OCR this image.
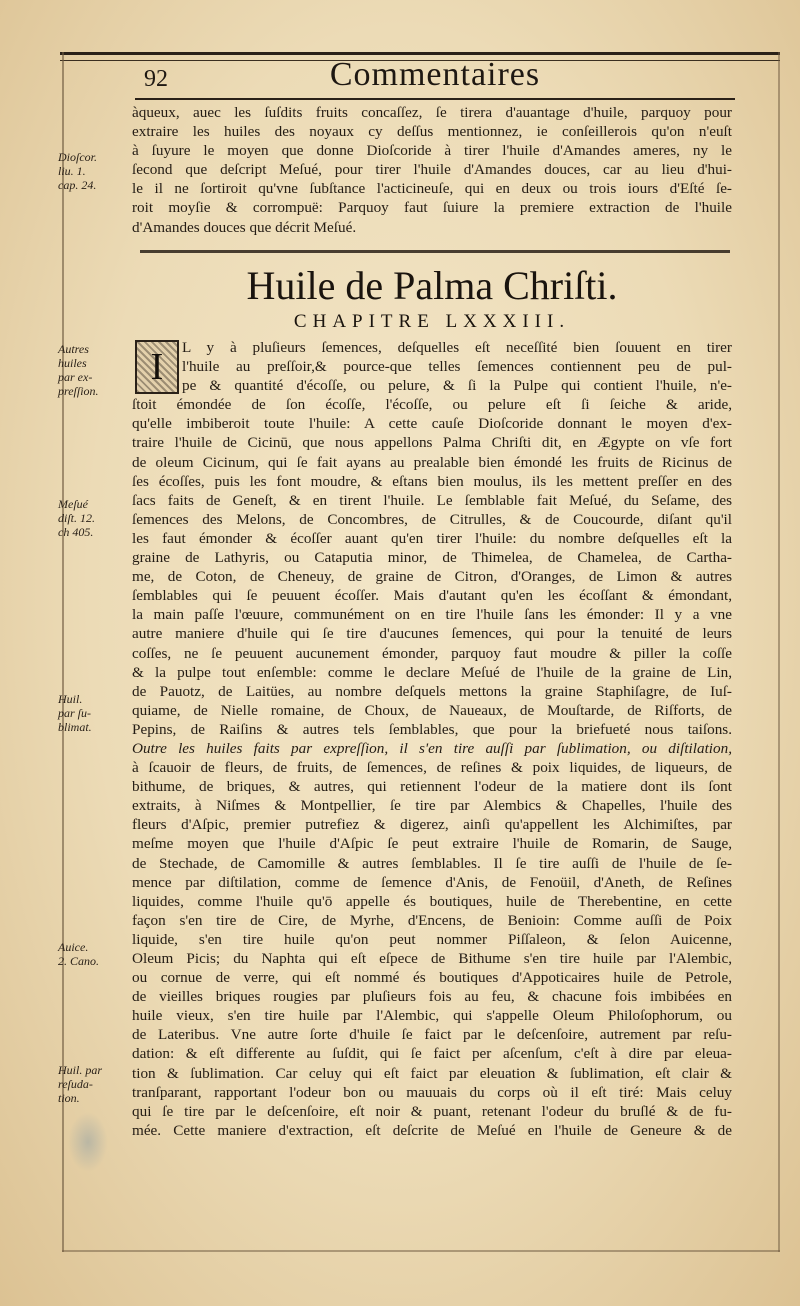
Commentaires
92
àqueux, auec les ſuſdits fruits concaſſez, ſe tirera d'auantage d'huile, parquoy pour
extraire les huiles des noyaux cy deſſus mentionnez, ie conſeillerois qu'on n'euſt
à ſuyure le moyen que donne Dioſcoride à tirer l'huile d'Amandes ameres, ny le
ſecond que deſcript Meſué, pour tirer l'huile d'Amandes douces, car au lieu d'hui-
le il ne ſortiroit qu'vne ſubſtance l'acticineuſe, qui en deux ou trois iours d'Eſté ſe-
roit moyſie & corrompuë: Parquoy faut ſuiure la premiere extraction de l'huile
d'Amandes douces que décrit Meſué.
Huile de Palma Chriſti.
CHAPITRE LXXXIII.
I	L y à pluſieurs ſemences, deſquelles eſt neceſſité bien ſouuent en tirer
l'huile au preſſoir,& pource-que telles ſemences contiennent peu de pul-
pe & quantité d'écoſſe, ou pelure, & ſi la Pulpe qui contient l'huile, n'e-
ſtoit émondée de ſon écoſſe, l'écoſſe, ou pelure eſt ſi ſeiche & aride,
qu'elle imbiberoit toute l'huile: A cette cauſe Dioſcoride donnant le moyen d'ex-
traire l'huile de Cicinū, que nous appellons Palma Chriſti dit, en Ægypte on vſe fort
de oleum Cicinum, qui ſe fait ayans au prealable bien émondé les fruits de Ricinus de
ſes écoſſes, puis les font moudre, & eſtans bien moulus, ils les mettent preſſer en des
ſacs faits de Geneſt, & en tirent l'huile. Le ſemblable fait Meſué, du Seſame, des
ſemences des Melons, de Concombres, de Citrulles, & de Coucourde, diſant qu'il
les faut émonder & écoſſer auant qu'en tirer l'huile: du nombre deſquelles eſt la
graine de Lathyris, ou Cataputia minor, de Thimelea, de Chamelea, de Cartha-
me, de Coton, de Cheneuy, de graine de Citron, d'Oranges, de Limon & autres
ſemblables qui ſe peuuent écoſſer. Mais d'autant qu'en les écoſſant & émondant,
la main paſſe l'œuure, communément on en tire l'huile ſans les émonder: Il y a vne
autre maniere d'huile qui ſe tire d'aucunes ſemences, qui pour la tenuité de leurs
coſſes, ne ſe peuuent aucunement émonder, parquoy faut moudre & piller la coſſe
& la pulpe tout enſemble: comme le declare Meſué de l'huile de la graine de Lin,
de Pauotz, de Laitües, au nombre deſquels mettons la graine Staphiſagre, de Iuſ-
quiame, de Nielle romaine, de Choux, de Naueaux, de Mouſtarde, de Riſforts, de
Pepins, de Raiſins & autres tels ſemblables, que pour la briefueté nous taiſons.
Outre les huiles faits par expreſſion, il s'en tire auſſi par ſublimation, ou diſtilation,
à ſcauoir de fleurs, de fruits, de ſemences, de reſines & poix liquides, de liqueurs, de
bithume, de briques, & autres, qui retiennent l'odeur de la matiere dont ils ſont
extraits, à Niſmes & Montpellier, ſe tire par Alembics & Chapelles, l'huile des
fleurs d'Aſpic, premier putrefiez & digerez, ainſi qu'appellent les Alchimiſtes, par
meſme moyen que l'huile d'Aſpic ſe peut extraire l'huile de Romarin, de Sauge,
de Stechade, de Camomille & autres ſemblables. Il ſe tire auſſi de l'huile de ſe-
mence par diſtilation, comme de ſemence d'Anis, de Fenoüil, d'Aneth, de Reſines
liquides, comme l'huile qu'ō appelle és boutiques, huile de Therebentine, en cette
façon s'en tire de Cire, de Myrhe, d'Encens, de Benioin: Comme auſſi de Poix
liquide, s'en tire huile qu'on peut nommer Piſſaleon, & ſelon Auicenne,
Oleum Picis; du Naphta qui eſt eſpece de Bithume s'en tire huile par l'Alembic,
ou cornue de verre, qui eſt nommé és boutiques d'Appoticaires huile de Petrole,
de vieilles briques rougies par pluſieurs fois au feu, & chacune fois imbibées en
huile vieux, s'en tire huile par l'Alembic, qui s'appelle Oleum Philoſophorum, ou
de Lateribus. Vne autre ſorte d'huile ſe faict par le deſcenſoire, autrement par reſu-
dation: & eſt differente au ſuſdit, qui ſe faict per aſcenſum, c'eſt à dire par eleua-
tion & ſublimation. Car celuy qui eſt faict par eleuation & ſublimation, eſt clair &
tranſparant, rapportant l'odeur bon ou mauuais du corps où il eſt tiré: Mais celuy
qui ſe tire par le deſcenſoire, eſt noir & puant, retenant l'odeur du bruſlé & de fu-
mée. Cette maniere d'extraction, eſt deſcrite de Meſué en l'huile de Geneure & de
Dioſcor.
liu. 1.
cap. 24.
Autres
huiles
par ex-
preſſion.
Meſué
diſt. 12.
ch 405.
Huil.
par ſu-
blimat.
Auice.
2. Cano.
Huil. par
reſuda-
tion.
